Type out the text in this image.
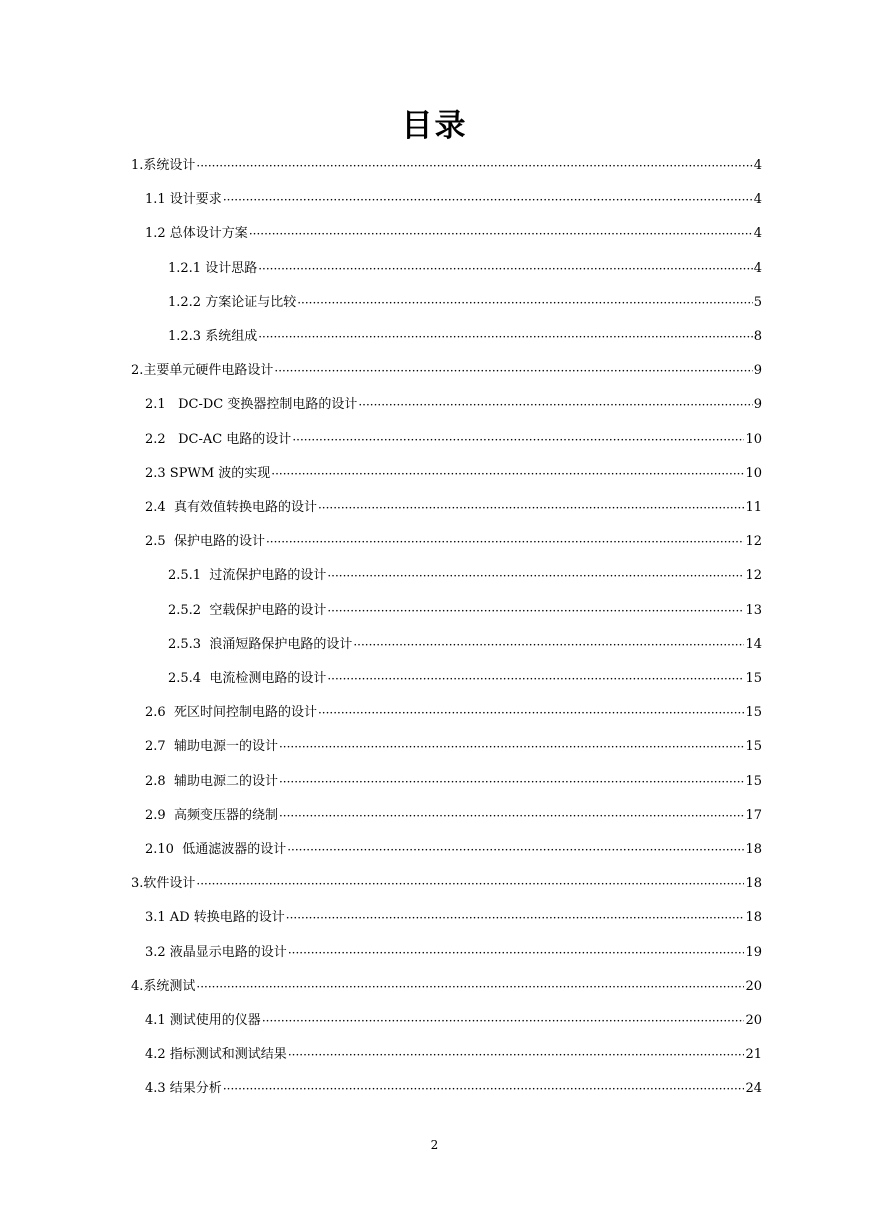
目录
1.系统设计 ·····	4
1.1 设计要求 ·····	4
1.2 总体设计方案 ·····	4
1.2.1 设计思路 ·····	4
1.2.2 方案论证与比较 ·····	5
1.2.3 系统组成 ·····	8
2.主要单元硬件电路设计 ·····	9
2.1   DC-DC 变换器控制电路的设计 ·····	9
2.2   DC-AC 电路的设计 ·····	10
2.3 SPWM 波的实现 ·····	10
2.4  真有效值转换电路的设计 ·····	11
2.5  保护电路的设计 ·····	12
2.5.1  过流保护电路的设计 ·····	12
2.5.2  空载保护电路的设计 ·····	13
2.5.3  浪涌短路保护电路的设计 ·····	14
2.5.4  电流检测电路的设计 ·····	15
2.6  死区时间控制电路的设计 ·····	15
2.7  辅助电源一的设计 ·····	15
2.8  辅助电源二的设计 ·····	15
2.9  高频变压器的绕制 ·····	17
2.10  低通滤波器的设计 ·····	18
3.软件设计 ·····	18
3.1 AD 转换电路的设计 ·····	18
3.2 液晶显示电路的设计 ·····	19
4.系统测试 ·····	20
4.1 测试使用的仪器 ·····	20
4.2 指标测试和测试结果 ·····	21
4.3 结果分析 ·····	24
2
